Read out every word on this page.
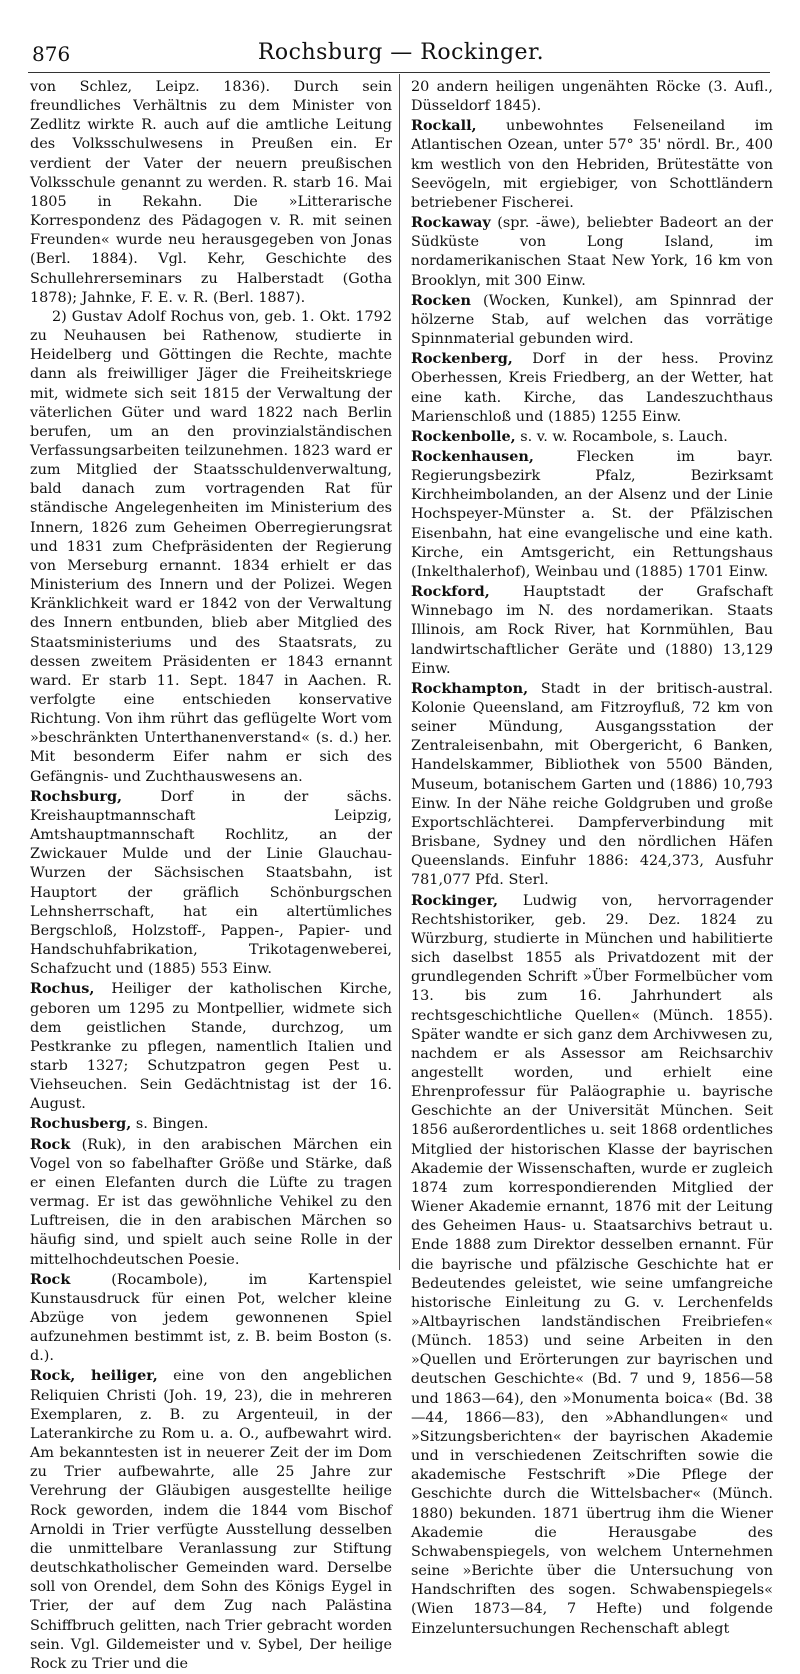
876	Rochsburg — Rockinger.

von Schlez, Leipz. 1836). Durch sein freundliches Verhältnis zu dem Minister von Zedlitz wirkte R. auch auf die amtliche Leitung des Volksschulwesens in Preußen ein. Er verdient der Vater der neuern preußischen Volksschule genannt zu werden. R. starb 16. Mai 1805 in Rekahn. Die »Litterarische Korrespondenz des Pädagogen v. R. mit seinen Freunden« wurde neu herausgegeben von Jonas (Berl. 1884). Vgl. Kehr, Geschichte des Schullehrerseminars zu Halberstadt (Gotha 1878); Jahnke, F. E. v. R. (Berl. 1887).

2) Gustav Adolf Rochus von, geb. 1. Okt. 1792 zu Neuhausen bei Rathenow, studierte in Heidelberg und Göttingen die Rechte, machte dann als freiwilliger Jäger die Freiheitskriege mit, widmete sich seit 1815 der Verwaltung der väterlichen Güter und ward 1822 nach Berlin berufen, um an den provinzialständischen Verfassungsarbeiten teilzunehmen. 1823 ward er zum Mitglied der Staatsschuldenverwaltung, bald danach zum vortragenden Rat für ständische Angelegenheiten im Ministerium des Innern, 1826 zum Geheimen Oberregierungsrat und 1831 zum Chefpräsidenten der Regierung von Merseburg ernannt. 1834 erhielt er das Ministerium des Innern und der Polizei. Wegen Kränklichkeit ward er 1842 von der Verwaltung des Innern entbunden, blieb aber Mitglied des Staatsministeriums und des Staatsrats, zu dessen zweitem Präsidenten er 1843 ernannt ward. Er starb 11. Sept. 1847 in Aachen. R. verfolgte eine entschieden konservative Richtung. Von ihm rührt das geflügelte Wort vom »beschränkten Unterthanenverstand« (s. d.) her. Mit besonderm Eifer nahm er sich des Gefängnis- und Zuchthauswesens an.

Rochsburg,	Dorf in der sächs. Kreishauptmannschaft Leipzig, Amtshauptmannschaft Rochlitz, an der Zwickauer Mulde und der Linie Glauchau-Wurzen der Sächsischen Staatsbahn, ist Hauptort der gräflich Schönburgschen Lehnsherrschaft, hat ein altertümliches Bergschloß, Holzstoff-, Pappen-, Papier- und Handschuhfabrikation, Trikotagenweberei, Schafzucht und (1885) 553 Einw.

Rochus, Heiliger der katholischen Kirche, geboren um 1295 zu Montpellier, widmete sich dem geistlichen Stande, durchzog, um Pestkranke zu pflegen, namentlich Italien und starb 1327; Schutzpatron gegen Pest u. Viehseuchen. Sein Gedächtnistag ist der 16. August.

Rochusberg, s. Bingen.

Rock (Ruk), in den arabischen Märchen ein Vogel von so fabelhafter Größe und Stärke, daß er einen Elefanten durch die Lüfte zu tragen vermag. Er ist das gewöhnliche Vehikel zu den Luftreisen, die in den arabischen Märchen so häufig sind, und spielt auch seine Rolle in der mittelhochdeutschen Poesie.

Rock	(Rocambole), im Kartenspiel Kunstausdruck für einen Pot, welcher kleine Abzüge von jedem gewonnenen Spiel aufzunehmen bestimmt ist, z. B. beim Boston (s. d.).

Rock, heiliger, eine von den angeblichen Reliquien Christi (Joh. 19, 23), die in mehreren Exemplaren, z. B. zu Argenteuil, in der Laterankirche zu Rom u. a. O., aufbewahrt wird. Am bekanntesten ist in neuerer Zeit der im Dom zu Trier aufbewahrte, alle 25 Jahre zur Verehrung der Gläubigen ausgestellte heilige Rock geworden, indem die 1844 vom Bischof Arnoldi in Trier verfügte Ausstellung desselben die unmittelbare Veranlassung zur Stiftung deutschkatholischer Gemeinden ward. Derselbe soll von Orendel, dem Sohn des Königs Eygel in Trier, der auf dem Zug nach Palästina Schiffbruch gelitten, nach Trier gebracht worden sein. Vgl. Gildemeister und v. Sybel, Der heilige Rock zu Trier und die

20 andern heiligen ungenähten Röcke (3. Aufl., Düsseldorf 1845).

Rockall, unbewohntes Felseneiland im Atlantischen Ozean, unter 57° 35' nördl. Br., 400 km westlich von den Hebriden, Brütestätte von Seevögeln, mit ergiebiger, von Schottländern betriebener Fischerei.

Rockaway (spr. -äwe), beliebter Badeort an der Südküste von Long Island, im nordamerikanischen Staat New York, 16 km von Brooklyn, mit 300 Einw.

Rocken (Wocken, Kunkel), am Spinnrad der hölzerne Stab, auf welchen das vorrätige Spinnmaterial gebunden wird.

Rockenberg, Dorf in der hess. Provinz Oberhessen, Kreis Friedberg, an der Wetter, hat eine kath. Kirche, das Landeszuchthaus Marienschloß und (1885) 1255 Einw.

Rockenbolle, s. v. w. Rocambole, s. Lauch.

Rockenhausen,	Flecken im bayr. Regierungsbezirk Pfalz, Bezirksamt Kirchheimbolanden, an der Alsenz und der Linie Hochspeyer-Münster a. St. der Pfälzischen Eisenbahn, hat eine evangelische und eine kath. Kirche, ein Amtsgericht, ein Rettungshaus (Inkelthalerhof), Weinbau und (1885) 1701 Einw.

Rockford, Hauptstadt der Grafschaft Winnebago im N. des nordamerikan. Staats Illinois, am Rock River, hat Kornmühlen, Bau landwirtschaftlicher Geräte und (1880) 13,129 Einw.

Rockhampton, Stadt in der britisch-austral. Kolonie Queensland, am Fitzroyfluß, 72 km von seiner Mündung, Ausgangsstation der Zentraleisenbahn, mit Obergericht, 6 Banken, Handelskammer, Bibliothek von 5500 Bänden, Museum, botanischem Garten und (1886) 10,793 Einw. In der Nähe reiche Goldgruben und große Exportschlächterei. Dampferverbindung mit Brisbane, Sydney und den nördlichen Häfen Queenslands. Einfuhr 1886: 424,373, Ausfuhr 781,077 Pfd. Sterl.

Rockinger, Ludwig von, hervorragender Rechtshistoriker, geb. 29. Dez. 1824 zu Würzburg, studierte in München und habilitierte sich daselbst 1855 als Privatdozent mit der grundlegenden Schrift »Über Formelbücher vom 13. bis zum 16. Jahrhundert als rechtsgeschichtliche Quellen« (Münch. 1855). Später wandte er sich ganz dem Archivwesen zu, nachdem er als Assessor am Reichsarchiv angestellt worden, und erhielt eine Ehrenprofessur für Paläographie u. bayrische Geschichte an der Universität München. Seit 1856 außerordentliches u. seit 1868 ordentliches Mitglied der historischen Klasse der bayrischen Akademie der Wissenschaften, wurde er zugleich 1874 zum korrespondierenden Mitglied der Wiener Akademie ernannt, 1876 mit der Leitung des Geheimen Haus- u. Staatsarchivs betraut u. Ende 1888 zum Direktor desselben ernannt. Für die bayrische und pfälzische Geschichte hat er Bedeutendes geleistet, wie seine umfangreiche historische Einleitung zu G. v. Lerchenfelds »Altbayrischen landständischen Freibriefen« (Münch. 1853) und seine Arbeiten in den »Quellen und Erörterungen zur bayrischen und deutschen Geschichte« (Bd. 7 und 9, 1856—58 und 1863—64), den »Monumenta boica« (Bd. 38—44, 1866—83), den »Abhandlungen« und »Sitzungsberichten« der bayrischen Akademie und in verschiedenen Zeitschriften sowie die akademische Festschrift »Die Pflege der Geschichte durch die Wittelsbacher« (Münch. 1880) bekunden. 1871 übertrug ihm die Wiener Akademie die Herausgabe des Schwabenspiegels, von welchem Unternehmen seine »Berichte über die Untersuchung von Handschriften des sogen. Schwabenspiegels« (Wien 1873—84, 7 Hefte) und folgende Einzeluntersuchungen Rechenschaft ablegt
